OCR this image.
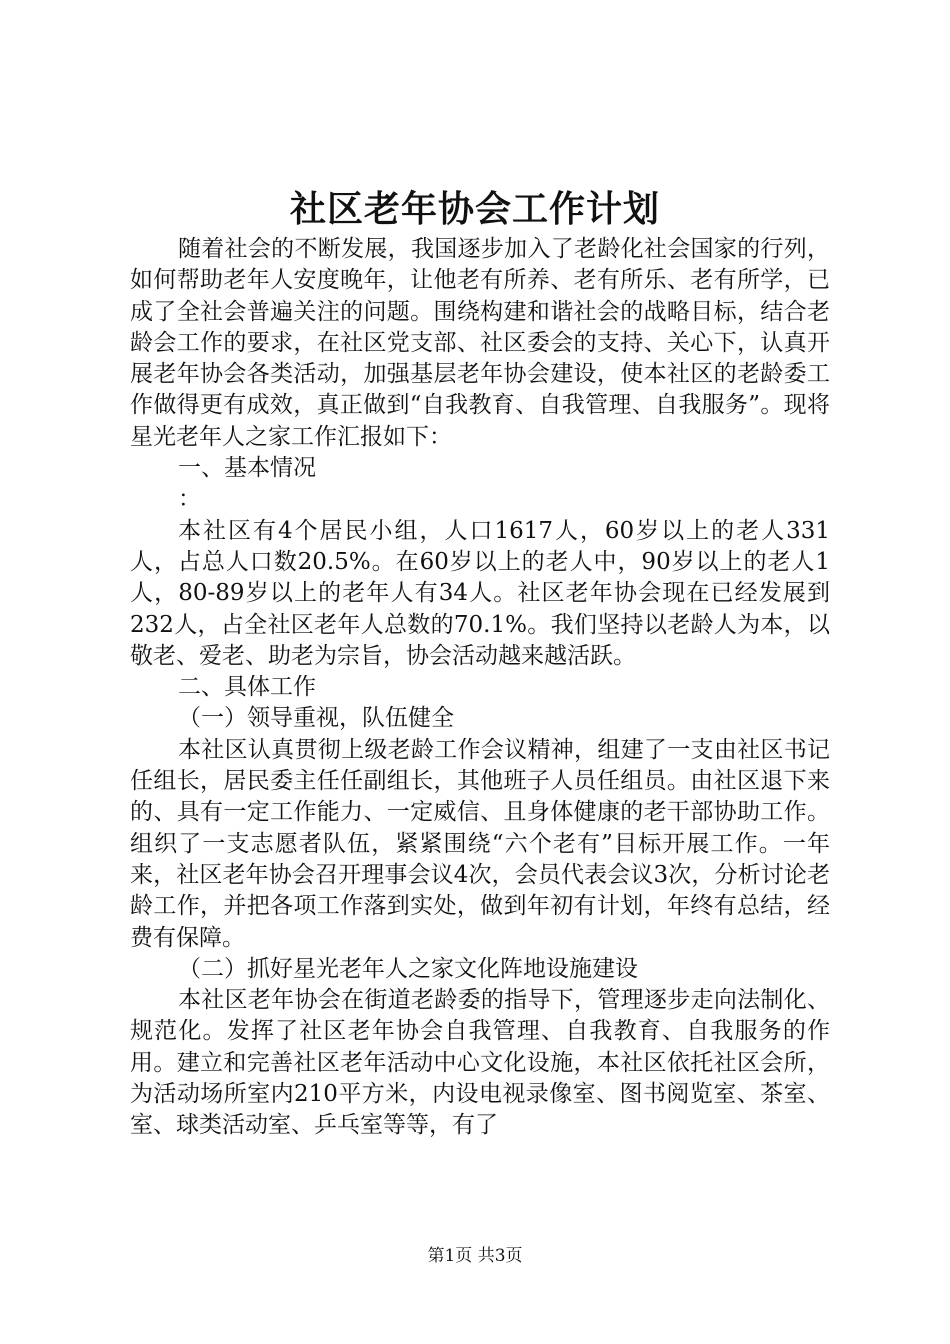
社区老年协会工作计划

随着社会的不断发展，我国逐步加入了老龄化社会国家的行列，如何帮助老年人安度晚年，让他老有所养、老有所乐、老有所学，已成了全社会普遍关注的问题。围绕构建和谐社会的战略目标，结合老龄会工作的要求，在社区党支部、社区委会的支持、关心下，认真开展老年协会各类活动，加强基层老年协会建设，使本社区的老龄委工作做得更有成效，真正做到“自我教育、自我管理、自我服务”。现将星光老年人之家工作汇报如下：

一、基本情况

：

本社区有4个居民小组，人口1617人，60岁以上的老人331人，占总人口数20.5%。在60岁以上的老人中，90岁以上的老人1人，80-89岁以上的老年人有34人。社区老年协会现在已经发展到232人，占全社区老年人总数的70.1%。我们坚持以老龄人为本，以敬老、爱老、助老为宗旨，协会活动越来越活跃。

二、具体工作

（一）领导重视，队伍健全

本社区认真贯彻上级老龄工作会议精神，组建了一支由社区书记任组长，居民委主任任副组长，其他班子人员任组员。由社区退下来的、具有一定工作能力、一定威信、且身体健康的老干部协助工作。组织了一支志愿者队伍，紧紧围绕“六个老有”目标开展工作。一年来，社区老年协会召开理事会议4次，会员代表会议3次，分析讨论老龄工作，并把各项工作落到实处，做到年初有计划，年终有总结，经费有保障。

（二）抓好星光老年人之家文化阵地设施建设

本社区老年协会在街道老龄委的指导下，管理逐步走向法制化、规范化。发挥了社区老年协会自我管理、自我教育、自我服务的作用。建立和完善社区老年活动中心文化设施，本社区依托社区会所，为活动场所室内210平方米，内设电视录像室、图书阅览室、茶室、室、球类活动室、乒乓室等等，有了

第1页 共3页
